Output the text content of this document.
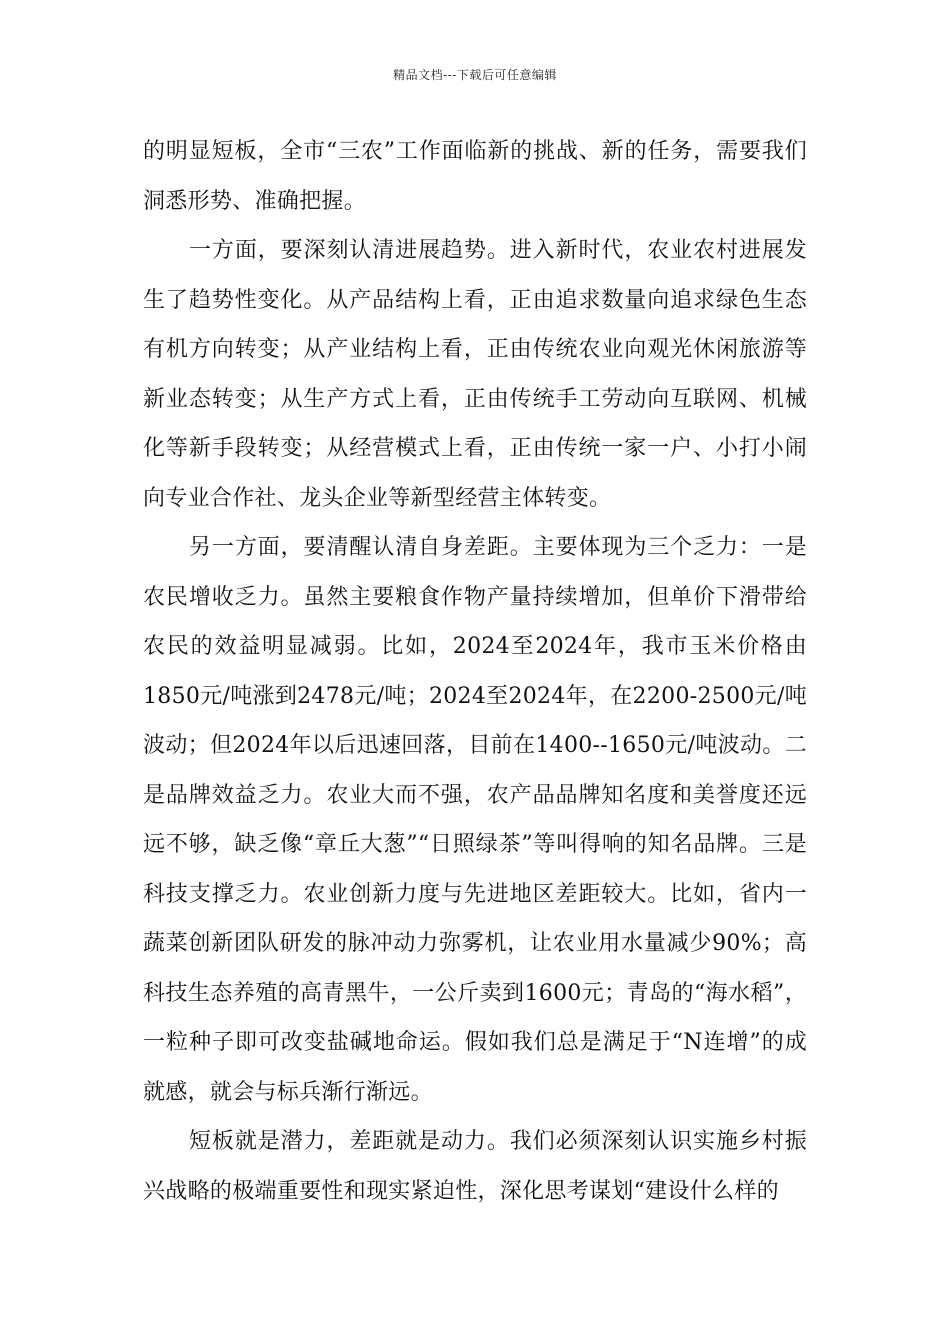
精品文档---下载后可任意编辑

的明显短板，全市“三农”工作面临新的挑战、新的任务，需要我们洞悉形势、准确把握。

一方面，要深刻认清进展趋势。进入新时代，农业农村进展发生了趋势性变化。从产品结构上看，正由追求数量向追求绿色生态有机方向转变；从产业结构上看，正由传统农业向观光休闲旅游等新业态转变；从生产方式上看，正由传统手工劳动向互联网、机械化等新手段转变；从经营模式上看，正由传统一家一户、小打小闹向专业合作社、龙头企业等新型经营主体转变。

另一方面，要清醒认清自身差距。主要体现为三个乏力：一是农民增收乏力。虽然主要粮食作物产量持续增加，但单价下滑带给农民的效益明显减弱。比如，2024至2024年，我市玉米价格由1850元/吨涨到2478元/吨；2024至2024年，在2200-2500元/吨波动；但2024年以后迅速回落，目前在1400--1650元/吨波动。二是品牌效益乏力。农业大而不强，农产品品牌知名度和美誉度还远远不够，缺乏像“章丘大葱”“日照绿茶”等叫得响的知名品牌。三是科技支撑乏力。农业创新力度与先进地区差距较大。比如，省内一蔬菜创新团队研发的脉冲动力弥雾机，让农业用水量减少90%；高科技生态养殖的高青黑牛，一公斤卖到1600元；青岛的“海水稻”，一粒种子即可改变盐碱地命运。假如我们总是满足于“N连增”的成就感，就会与标兵渐行渐远。

短板就是潜力，差距就是动力。我们必须深刻认识实施乡村振兴战略的极端重要性和现实紧迫性，深化思考谋划“建设什么样的
